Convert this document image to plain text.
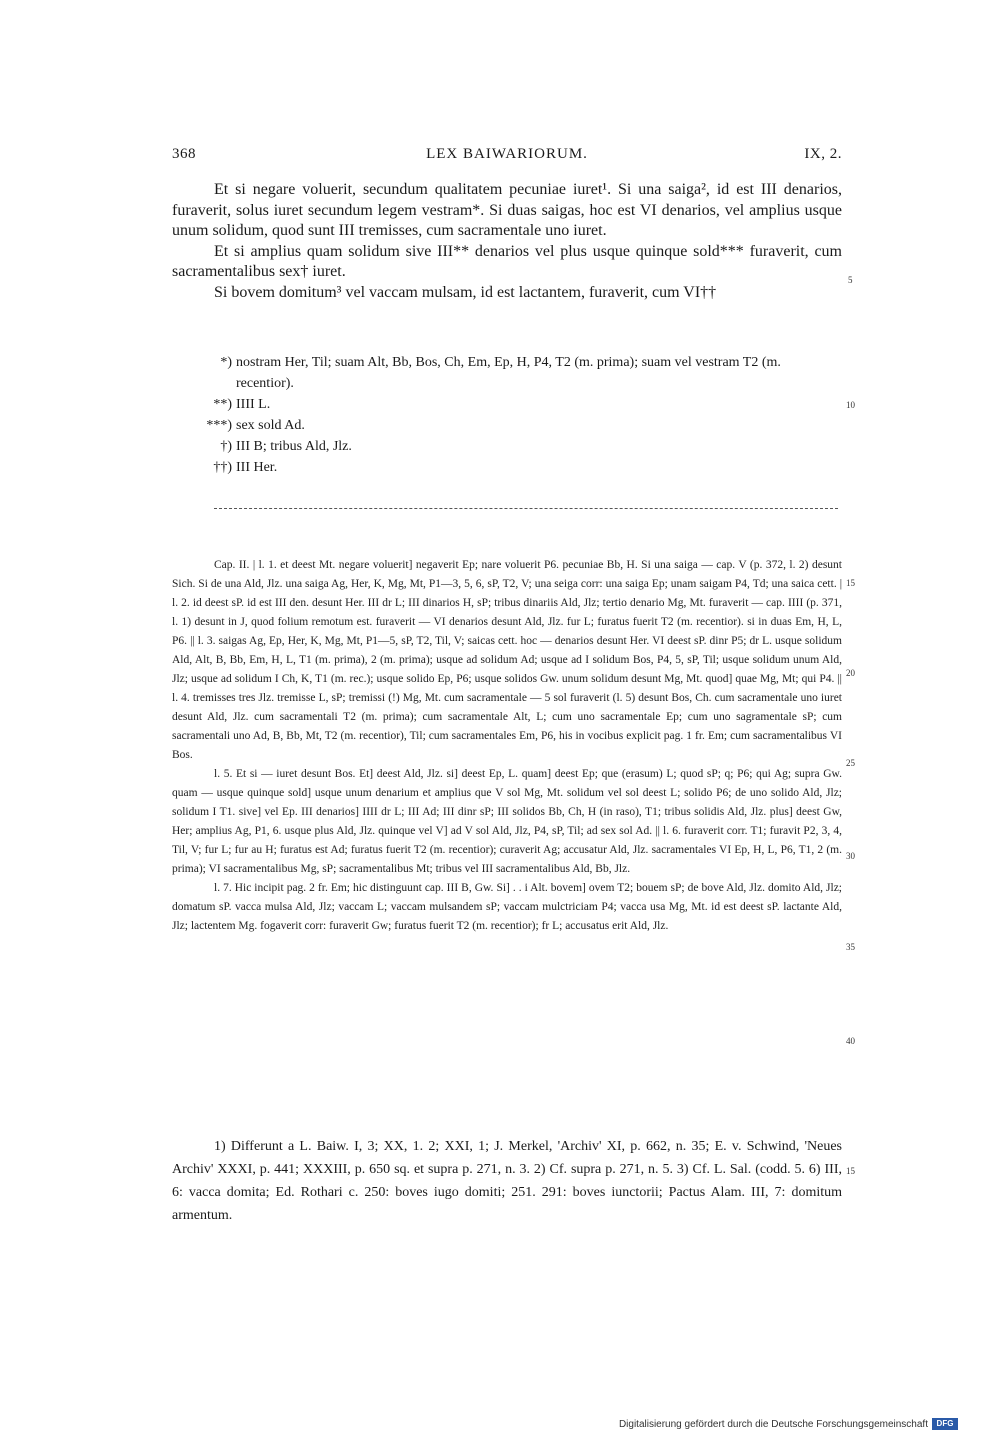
368	LEX BAIWARIORUM.	IX, 2.

Et si negare voluerit, secundum qualitatem pecuniae iuret¹. Si una saiga², id est III denarios, furaverit, solus iuret secundum legem vestram*. Si duas saigas, hoc est VI denarios, vel amplius usque unum solidum, quod sunt III tremisses, cum sacramentale uno iuret.

Et si amplius quam solidum sive III** denarios vel plus usque quinque sold*** furaverit, cum sacramentalibus sex† iuret.

Si bovem domitum³ vel vaccam mulsam, id est lactantem, furaverit, cum VI††

5
10
15
20
25
30
35
40
15

*) nostram Her, Til; suam Alt, Bb, Bos, Ch, Em, Ep, H, P4, T2 (m. prima); suam vel vestram T2 (m. recentior).

**) IIII L.

***) sex sold Ad.

†) III B; tribus Ald, Jlz.

††) III Her.

Cap. II. | l. 1. et deest Mt. negare voluerit] negaverit Ep; nare voluerit P6. pecuniae Bb, H. Si una saiga — cap. V (p. 372, l. 2) desunt Sich. Si de una Ald, Jlz. una saiga Ag, Her, K, Mg, Mt, P1—3, 5, 6, sP, T2, V; una seiga corr: una saiga Ep; unam saigam P4, Td; una saica cett. | l. 2. id deest sP. id est III den. desunt Her. III dr L; III dinarios H, sP; tribus dinariis Ald, Jlz; tertio denario Mg, Mt. furaverit — cap. IIII (p. 371, l. 1) desunt in J, quod folium remotum est. furaverit — VI denarios desunt Ald, Jlz. fur L; furatus fuerit T2 (m. recentior). si in duas Em, H, L, P6. || l. 3. saigas Ag, Ep, Her, K, Mg, Mt, P1—5, sP, T2, Til, V; saicas cett. hoc — denarios desunt Her. VI deest sP. dinr P5; dr L. usque solidum Ald, Alt, B, Bb, Em, H, L, T1 (m. prima), 2 (m. prima); usque ad solidum Ad; usque ad I solidum Bos, P4, 5, sP, Til; usque solidum unum Ald, Jlz; usque ad solidum I Ch, K, T1 (m. rec.); usque solido Ep, P6; usque solidos Gw. unum solidum desunt Mg, Mt. quod] quae Mg, Mt; qui P4. || l. 4. tremisses tres Jlz. tremisse L, sP; tremissi (!) Mg, Mt. cum sacramentale — 5 sol furaverit (l. 5) desunt Bos, Ch. cum sacramentale uno iuret desunt Ald, Jlz. cum sacramentali T2 (m. prima); cum sacramentale Alt, L; cum uno sacramentale Ep; cum uno sagramentale sP; cum sacramentali uno Ad, B, Bb, Mt, T2 (m. recentior), Til; cum sacramentales Em, P6, his in vocibus explicit pag. 1 fr. Em; cum sacramentalibus VI Bos.

l. 5. Et si — iuret desunt Bos. Et] deest Ald, Jlz. si] deest Ep, L. quam] deest Ep; que (erasum) L; quod sP; q; P6; qui Ag; supra Gw. quam — usque quinque sold] usque unum denarium et amplius que V sol Mg, Mt. solidum vel sol deest L; solido P6; de uno solido Ald, Jlz; solidum I T1. sive] vel Ep. III denarios] IIII dr L; III Ad; III dinr sP; III solidos Bb, Ch, H (in raso), T1; tribus solidis Ald, Jlz. plus] deest Gw, Her; amplius Ag, P1, 6. usque plus Ald, Jlz. quinque vel V] ad V sol Ald, Jlz, P4, sP, Til; ad sex sol Ad. || l. 6. furaverit corr. T1; furavit P2, 3, 4, Til, V; fur L; fur au H; furatus est Ad; furatus fuerit T2 (m. recentior); curaverit Ag; accusatur Ald, Jlz. sacramentales VI Ep, H, L, P6, T1, 2 (m. prima); VI sacramentalibus Mg, sP; sacramentalibus Mt; tribus vel III sacramentalibus Ald, Bb, Jlz.

l. 7. Hic incipit pag. 2 fr. Em; hic distinguunt cap. III B, Gw. Si] . . i Alt. bovem] ovem T2; bouem sP; de bove Ald, Jlz. domito Ald, Jlz; domatum sP. vacca mulsa Ald, Jlz; vaccam L; vaccam mulsandem sP; vaccam mulctriciam P4; vacca usa Mg, Mt. id est deest sP. lactante Ald, Jlz; lactentem Mg. fogaverit corr: furaverit Gw; furatus fuerit T2 (m. recentior); fr L; accusatus erit Ald, Jlz.

1) Differunt a L. Baiw. I, 3; XX, 1. 2; XXI, 1; J. Merkel, 'Archiv' XI, p. 662, n. 35; E. v. Schwind, 'Neues Archiv' XXXI, p. 441; XXXIII, p. 650 sq. et supra p. 271, n. 3. 2) Cf. supra p. 271, n. 5. 3) Cf. L. Sal. (codd. 5. 6) III, 6: vacca domita; Ed. Rothari c. 250: boves iugo domiti; 251. 291: boves iunctorii; Pactus Alam. III, 7: domitum armentum.

Digitalisierung gefördert durch die Deutsche Forschungsgemeinschaft	DFG
